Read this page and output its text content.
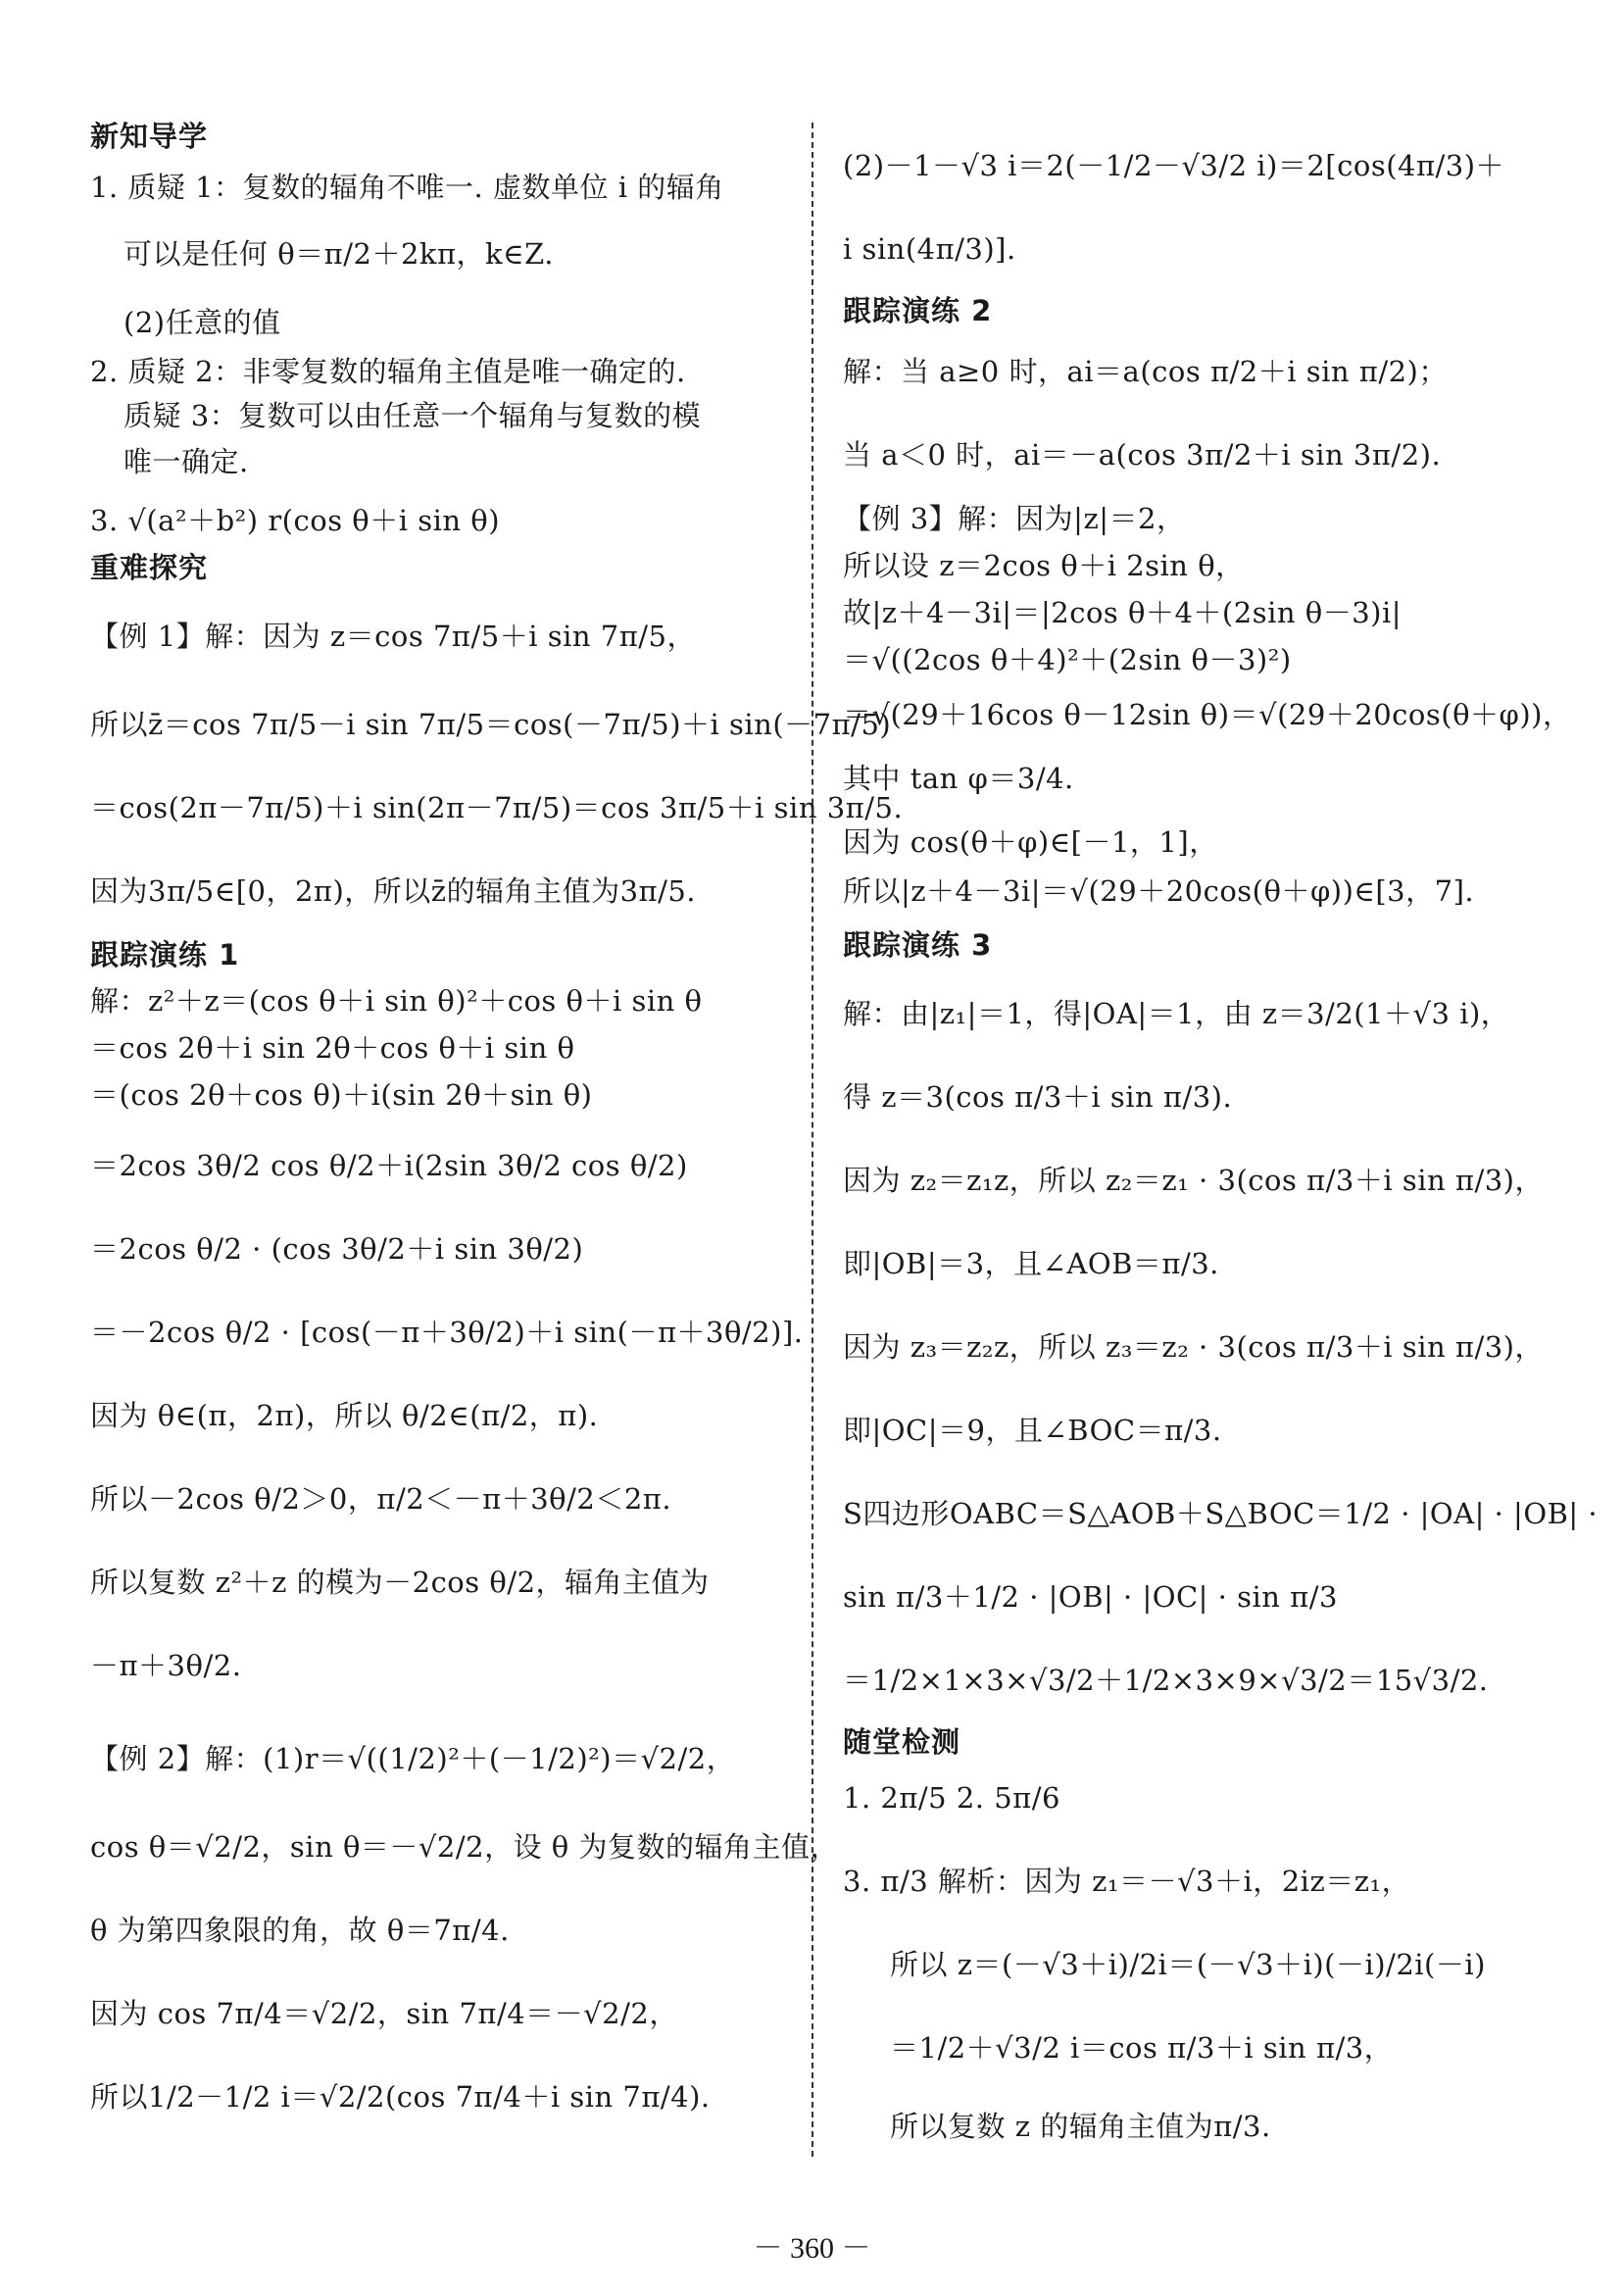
新知导学
1. 质疑 1：复数的辐角不唯一. 虚数单位 i 的辐角
可以是任何 θ＝π/2＋2kπ，k∈Z.
(2)任意的值
2. 质疑 2：非零复数的辐角主值是唯一确定的.
质疑 3：复数可以由任意一个辐角与复数的模
唯一确定.
3. √(a²＋b²) r(cos θ＋i sin θ)
重难探究
【例 1】解：因为 z＝cos 7π/5＋i sin 7π/5，
所以z̄＝cos 7π/5－i sin 7π/5＝cos(－7π/5)＋i sin(－7π/5)
＝cos(2π－7π/5)＋i sin(2π－7π/5)＝cos 3π/5＋i sin 3π/5.
因为3π/5∈[0，2π)，所以z̄的辐角主值为3π/5.
跟踪演练 1
解：z²＋z＝(cos θ＋i sin θ)²＋cos θ＋i sin θ
＝cos 2θ＋i sin 2θ＋cos θ＋i sin θ
＝(cos 2θ＋cos θ)＋i(sin 2θ＋sin θ)
＝2cos 3θ/2 cos θ/2＋i(2sin 3θ/2 cos θ/2)
＝2cos θ/2 · (cos 3θ/2＋i sin 3θ/2)
＝－2cos θ/2 · [cos(－π＋3θ/2)＋i sin(－π＋3θ/2)].
因为 θ∈(π，2π)，所以 θ/2∈(π/2，π).
所以－2cos θ/2＞0，π/2＜－π＋3θ/2＜2π.
所以复数 z²＋z 的模为－2cos θ/2，辐角主值为
－π＋3θ/2.
【例 2】解：(1)r＝√((1/2)²＋(－1/2)²)＝√2/2，
cos θ＝√2/2，sin θ＝－√2/2，设 θ 为复数的辐角主值，
θ 为第四象限的角，故 θ＝7π/4.
因为 cos 7π/4＝√2/2，sin 7π/4＝－√2/2，
所以1/2－1/2 i＝√2/2(cos 7π/4＋i sin 7π/4).
(2)－1－√3 i＝2(－1/2－√3/2 i)＝2[cos(4π/3)＋
i sin(4π/3)].
跟踪演练 2
解：当 a≥0 时，ai＝a(cos π/2＋i sin π/2)；
当 a＜0 时，ai＝－a(cos 3π/2＋i sin 3π/2).
【例 3】解：因为|z|＝2，
所以设 z＝2cos θ＋i 2sin θ，
故|z＋4－3i|＝|2cos θ＋4＋(2sin θ－3)i|
＝√((2cos θ＋4)²＋(2sin θ－3)²)
＝√(29＋16cos θ－12sin θ)＝√(29＋20cos(θ＋φ))，
其中 tan φ＝3/4.
因为 cos(θ＋φ)∈[－1，1]，
所以|z＋4－3i|＝√(29＋20cos(θ＋φ))∈[3，7].
跟踪演练 3
解：由|z₁|＝1，得|OA|＝1，由 z＝3/2(1＋√3 i)，
得 z＝3(cos π/3＋i sin π/3).
因为 z₂＝z₁z，所以 z₂＝z₁ · 3(cos π/3＋i sin π/3)，
即|OB|＝3，且∠AOB＝π/3.
因为 z₃＝z₂z，所以 z₃＝z₂ · 3(cos π/3＋i sin π/3)，
即|OC|＝9，且∠BOC＝π/3.
S四边形OABC＝S△AOB＋S△BOC＝1/2 · |OA| · |OB| ·
sin π/3＋1/2 · |OB| · |OC| · sin π/3
＝1/2×1×3×√3/2＋1/2×3×9×√3/2＝15√3/2.
随堂检测
1. 2π/5 2. 5π/6
3. π/3 解析：因为 z₁＝－√3＋i，2iz＝z₁，
所以 z＝(－√3＋i)/2i＝(－√3＋i)(－i)/2i(－i)
＝1/2＋√3/2 i＝cos π/3＋i sin π/3，
所以复数 z 的辐角主值为π/3.
－ 360 －
